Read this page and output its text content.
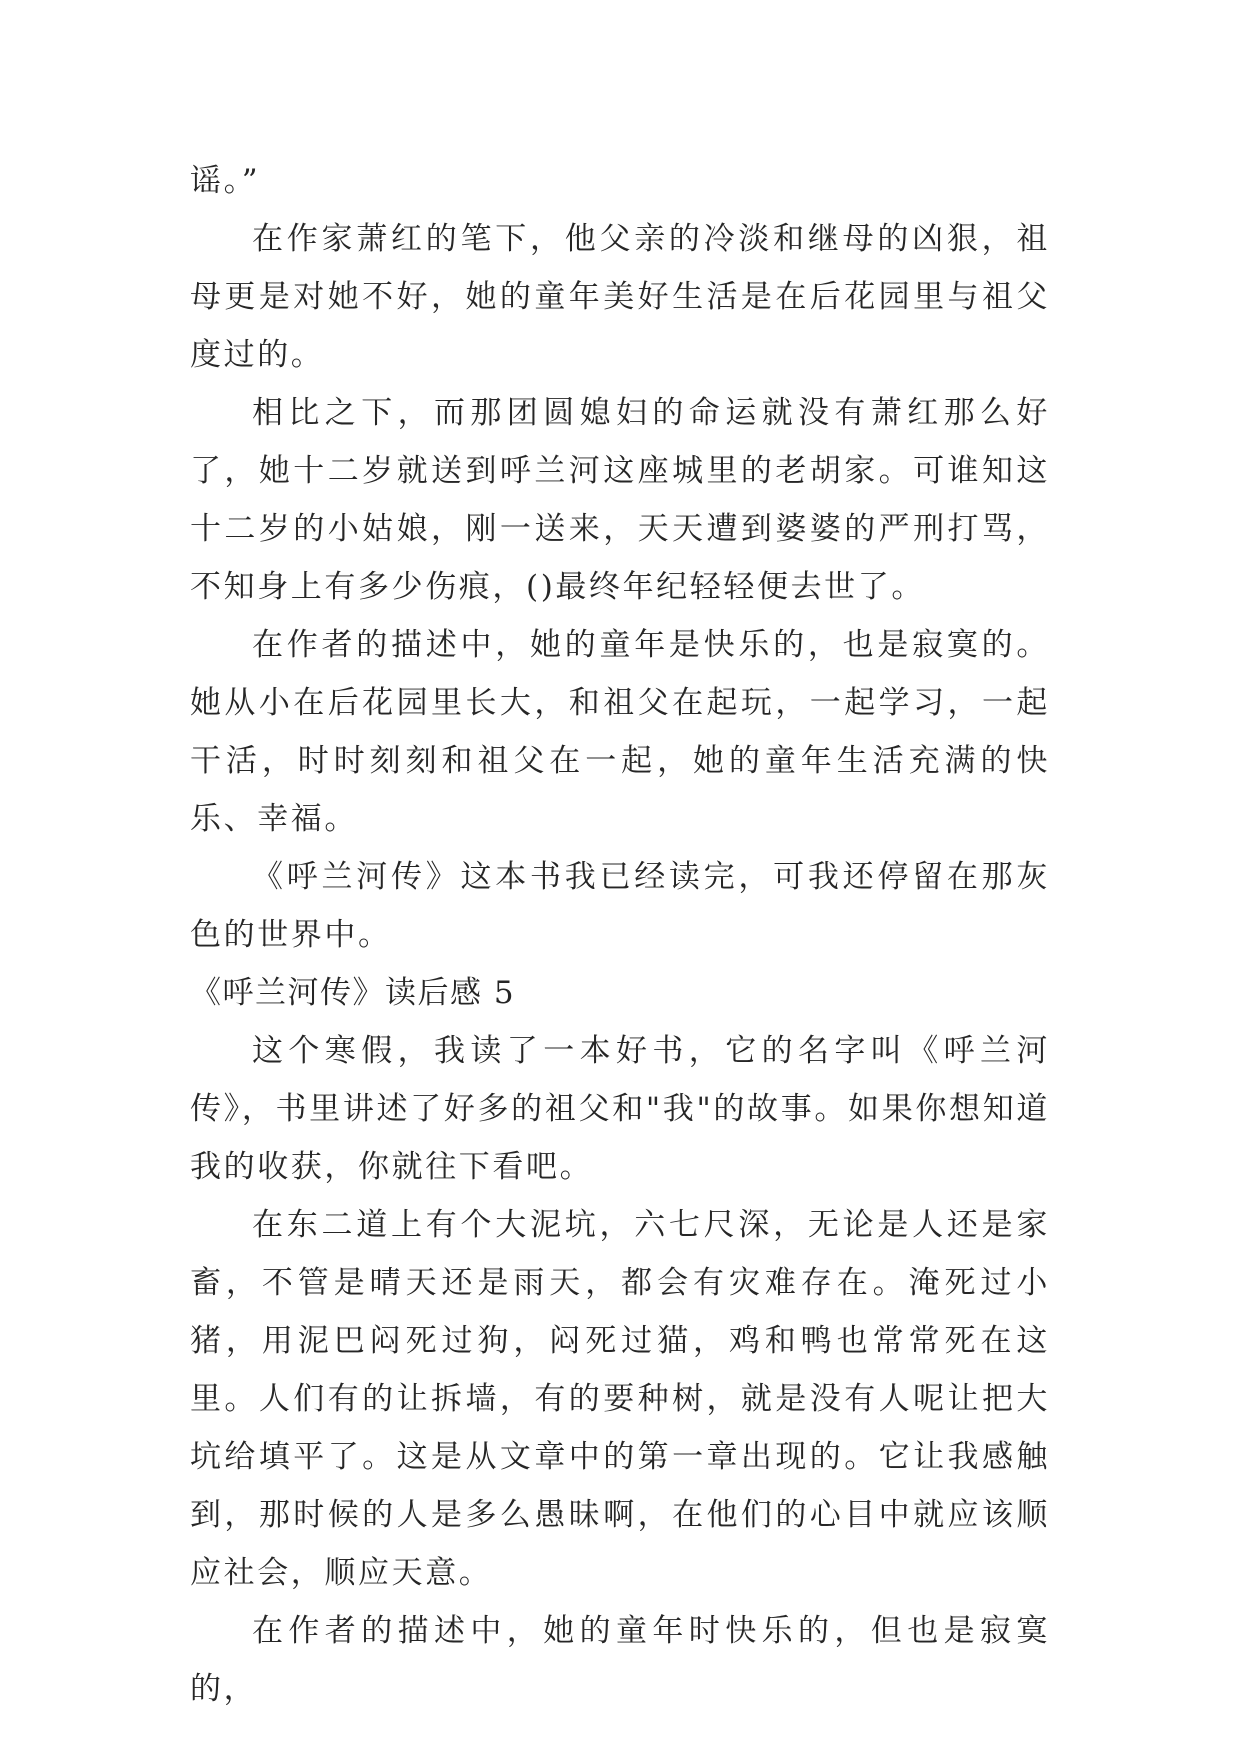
谣。”

在作家萧红的笔下，他父亲的冷淡和继母的凶狠，祖母更是对她不好，她的童年美好生活是在后花园里与祖父度过的。

相比之下，而那团圆媳妇的命运就没有萧红那么好了，她十二岁就送到呼兰河这座城里的老胡家。可谁知这十二岁的小姑娘，刚一送来，天天遭到婆婆的严刑打骂，不知身上有多少伤痕，()最终年纪轻轻便去世了。

在作者的描述中，她的童年是快乐的，也是寂寞的。她从小在后花园里长大，和祖父在起玩，一起学习，一起干活，时时刻刻和祖父在一起，她的童年生活充满的快乐、幸福。

《呼兰河传》这本书我已经读完，可我还停留在那灰色的世界中。

《呼兰河传》读后感 5

这个寒假，我读了一本好书，它的名字叫《呼兰河传》，书里讲述了好多的祖父和"我"的故事。如果你想知道我的收获，你就往下看吧。

在东二道上有个大泥坑，六七尺深，无论是人还是家畜，不管是晴天还是雨天，都会有灾难存在。淹死过小猪，用泥巴闷死过狗，闷死过猫，鸡和鸭也常常死在这里。人们有的让拆墙，有的要种树，就是没有人呢让把大坑给填平了。这是从文章中的第一章出现的。它让我感触到，那时候的人是多么愚昧啊，在他们的心目中就应该顺应社会，顺应天意。

在作者的描述中，她的童年时快乐的，但也是寂寞的，
